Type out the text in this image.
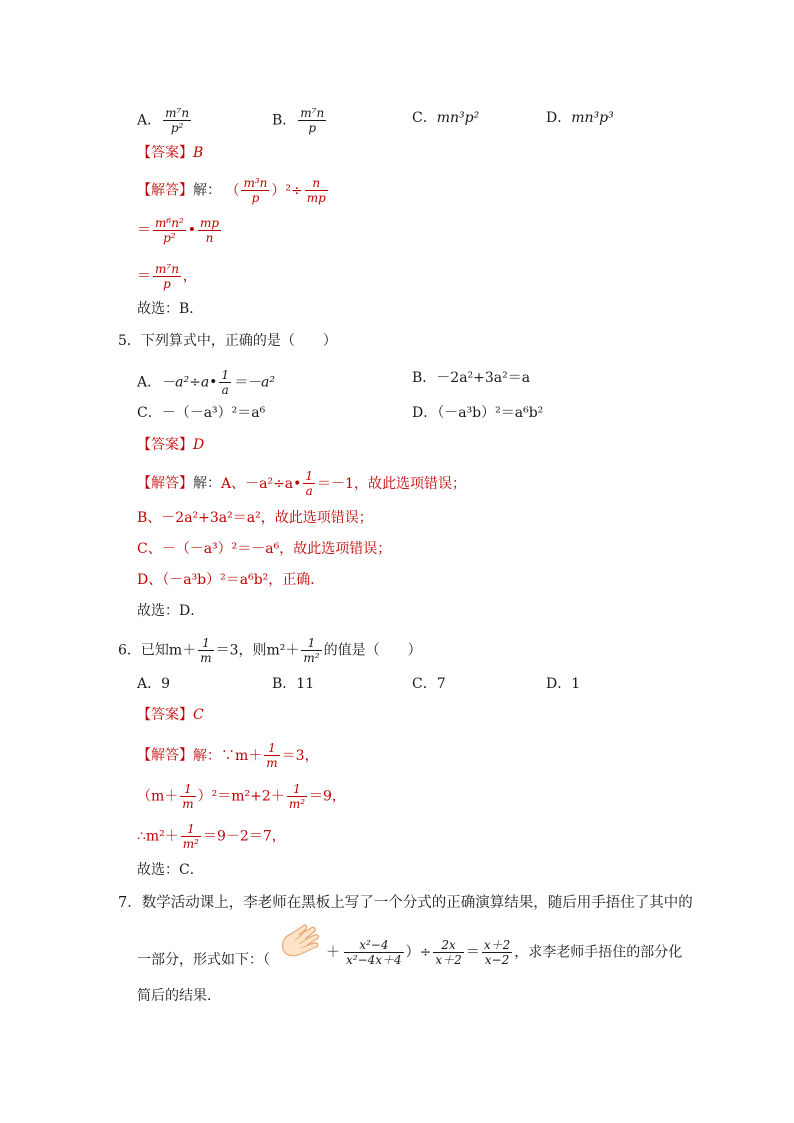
A． $\frac{\text{m⁷n}}{\text{p²}}$	B． $\frac{\text{m⁷n}}{p}$	C．mn³p²	D．mn³p³
【答案】B
【解答】解： （ $\frac{\text{m³n}}{p} )^2\div \frac{n}{mp}$
＝ $\frac{\text{m⁶n²}}{\text{p²}}$ • $\frac{mp}{n}$
＝ $\frac{\text{m⁷n}}{p}$ ，
故选：B．
5．下列算式中，正确的是（　　）
A．－a²÷a• $\frac{1}{a} =-a^2$	B．－2a²+3a²＝a
C．－（－a³）²＝a⁶	D．（－a³b）²＝a⁶b²
【答案】D
【解答】解：A、－a²÷a• $\frac{1}{a} =-1$，故此选项错误；
B、－2a²+3a²＝a²，故此选项错误；
C、－（－a³）²＝－a⁶，故此选项错误；
D、（－a³b）²＝a⁶b²，正确．
故选：D．
6．已知$m+ \frac{1}{m} =3$，则$m^2+ \frac{1}{\text{m²}}$ 的值是（　　）
A．9	B．11	C．7	D．1
【答案】C
【解答】解：∵m＋ $\frac{1}{m} =3$，
$(m+ \frac{1}{m} )^2=m^2+2+ \frac{1}{\text{m²}} =9$，
∴m²＋ $\frac{1}{\text{m²}} =9-2=7$，
故选：C．
7．数学活动课上，李老师在黑板上写了一个分式的正确演算结果，随后用手捂住了其中的
一部分，形式如下：（	＋ $\frac{\text{x²−4}}{\text{x²−4x＋4}}$ ）÷ $\frac{2x}{x+2} = \frac{x+2}{x-2}$ ，求李老师手捂住的部分化
简后的结果．
